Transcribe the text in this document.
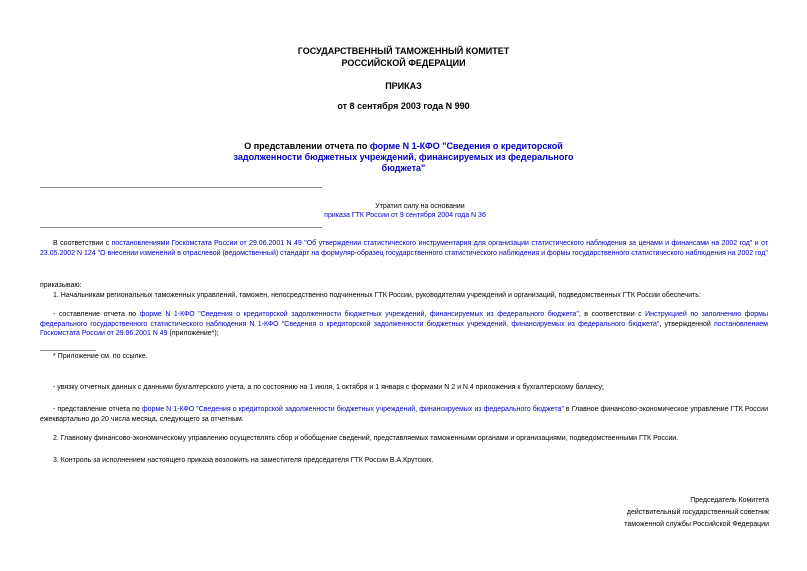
ГОСУДАРСТВЕННЫЙ ТАМОЖЕННЫЙ КОМИТЕТ
РОССИЙСКОЙ ФЕДЕРАЦИИ
ПРИКАЗ
от 8 сентября 2003 года N 990
О представлении отчета по форме N 1-КФО "Сведения о кредиторской задолженности бюджетных учреждений, финансируемых из федерального бюджета"
Утратил силу на основании
приказа ГТК России от 9 сентября 2004 года N 36
В соответствии с постановлениями Госкомстата России от 29.06.2001 N 49 "Об утверждении статистического инструментария для организации статистического наблюдения за ценами и финансами на 2002 год" и от 23.05.2002 N 124 "О внесении изменений в отраслевой (ведомственный) стандарт на формуляр-образец государственного статистического наблюдения и формы государственного статистического наблюдения на 2002 год"
приказываю:
1. Начальникам региональных таможенных управлений, таможен, непосредственно подчиненных ГТК России, руководителям учреждений и организаций, подведомственных ГТК России обеспечить:
- составление отчета по форме N 1-КФО "Сведения о кредиторской задолженности бюджетных учреждений, финансируемых из федерального бюджета", в соответствии с Инструкцией по заполнению формы федерального государственного статистического наблюдения N 1-КФО "Сведения о кредиторской задолженности бюджетных учреждений, финансируемых из федерального бюджета", утвержденной постановлением Госкомстата России от 29.06.2001 N 49 (приложение*);
* Приложение см. по ссылке.
- увязку отчетных данных с данными бухгалтерского учета, а по состоянию на 1 июля, 1 октября и 1 января с формами N 2 и N 4 приложения к бухгалтерскому балансу;
- представление отчета по форме N 1-КФО "Сведения о кредиторской задолженности бюджетных учреждений, финансируемых из федерального бюджета" в Главное финансово-экономическое управление ГТК России ежеквартально до 20 числа месяца, следующего за отчетным.
2. Главному финансово-экономическому управлению осуществлять сбор и обобщение сведений, представляемых таможенными органами и организациями, подведомственными ГТК России.
3. Контроль за исполнением настоящего приказа возложить на заместителя председателя ГТК России В.А.Крутских.
Председатель Комитета
действительный государственный советник
таможенной службы Российской Федерации
